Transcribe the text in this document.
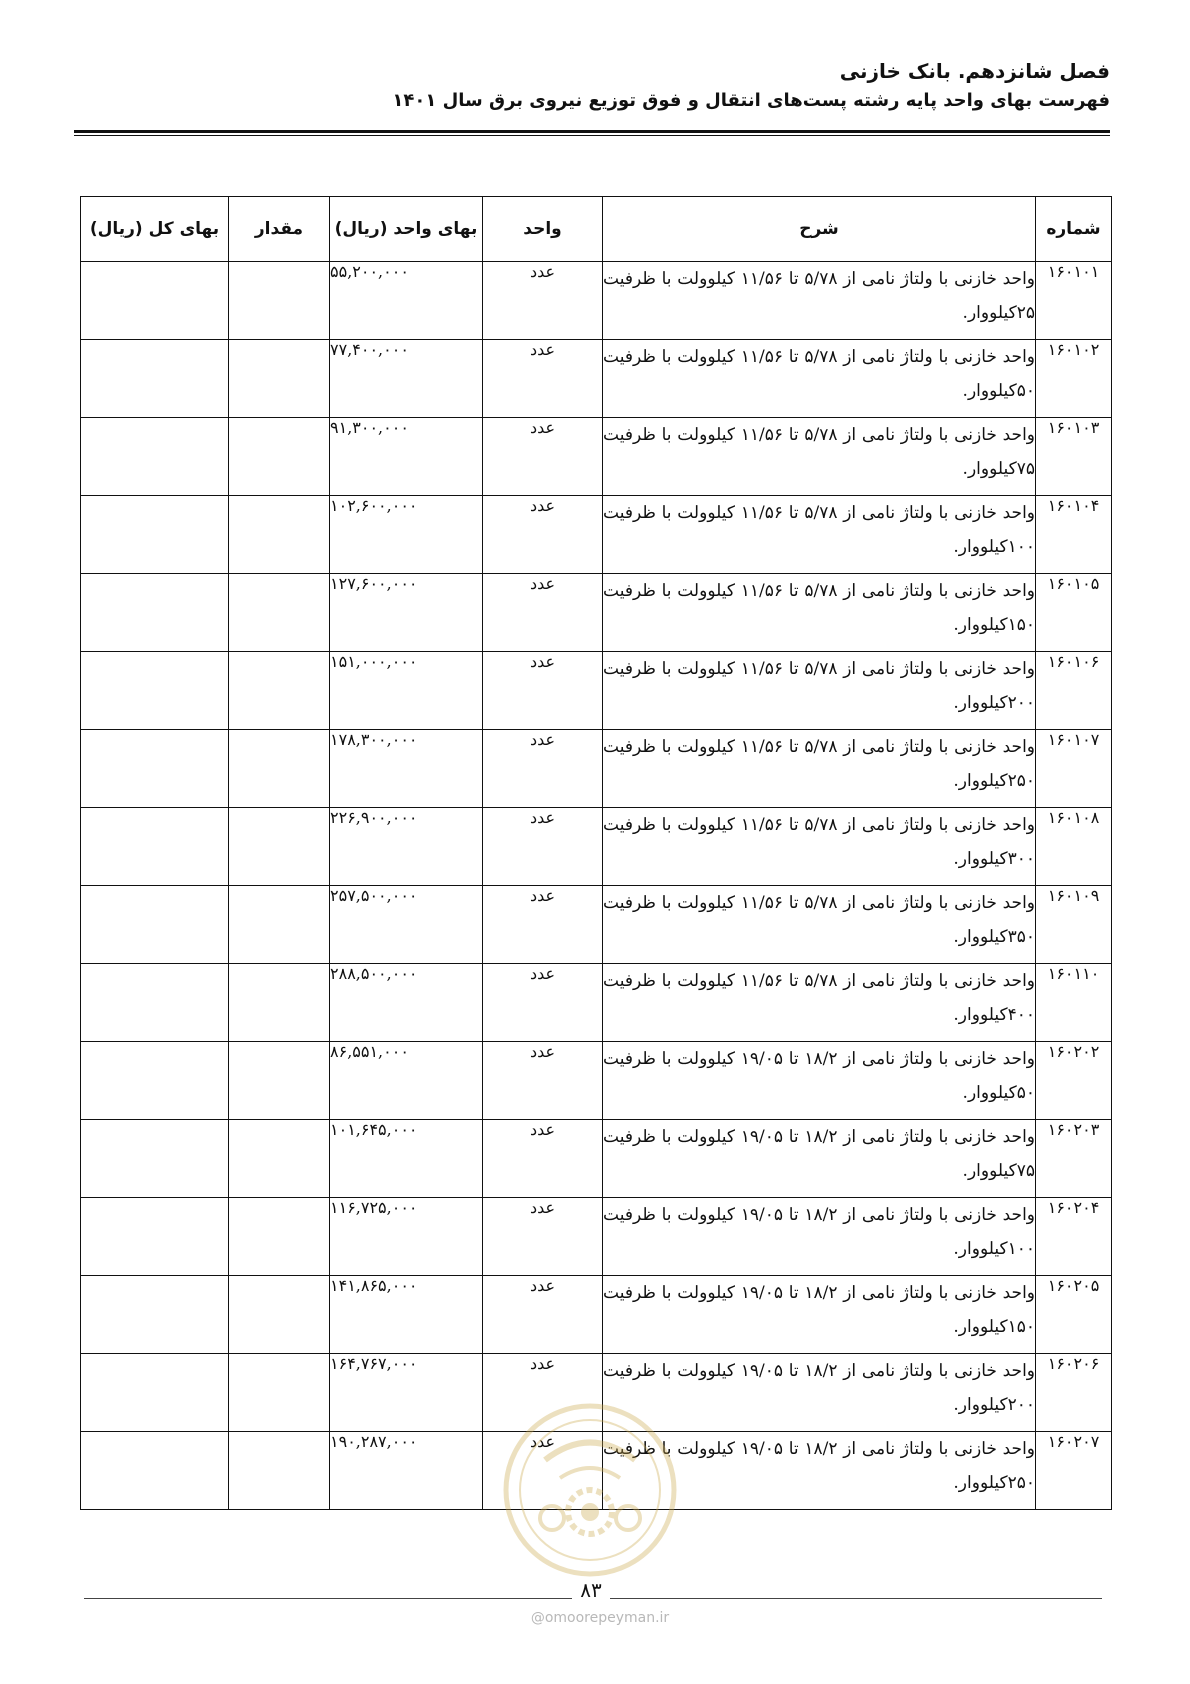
فصل شانزدهم. بانک خازنی
فهرست بهای واحد پایه رشته پست‌های انتقال و فوق توزیع نیروی برق سال ۱۴۰۱
شماره	شرح	واحد	بهای واحد (ریال)	مقدار	بهای کل (ریال)
۱۶۰۱۰۱	واحد خازنی با ولتاژ نامی از ۵/۷۸ تا ۱۱/۵۶ کیلوولت با ظرفیت ۲۵کیلووار.	عدد	۵۵,۲۰۰,۰۰۰		
۱۶۰۱۰۲	واحد خازنی با ولتاژ نامی از ۵/۷۸ تا ۱۱/۵۶ کیلوولت با ظرفیت ۵۰کیلووار.	عدد	۷۷,۴۰۰,۰۰۰		
۱۶۰۱۰۳	واحد خازنی با ولتاژ نامی از ۵/۷۸ تا ۱۱/۵۶ کیلوولت با ظرفیت ۷۵کیلووار.	عدد	۹۱,۳۰۰,۰۰۰		
۱۶۰۱۰۴	واحد خازنی با ولتاژ نامی از ۵/۷۸ تا ۱۱/۵۶ کیلوولت با ظرفیت ۱۰۰کیلووار.	عدد	۱۰۲,۶۰۰,۰۰۰		
۱۶۰۱۰۵	واحد خازنی با ولتاژ نامی از ۵/۷۸ تا ۱۱/۵۶ کیلوولت با ظرفیت ۱۵۰کیلووار.	عدد	۱۲۷,۶۰۰,۰۰۰		
۱۶۰۱۰۶	واحد خازنی با ولتاژ نامی از ۵/۷۸ تا ۱۱/۵۶ کیلوولت با ظرفیت ۲۰۰کیلووار.	عدد	۱۵۱,۰۰۰,۰۰۰		
۱۶۰۱۰۷	واحد خازنی با ولتاژ نامی از ۵/۷۸ تا ۱۱/۵۶ کیلوولت با ظرفیت ۲۵۰کیلووار.	عدد	۱۷۸,۳۰۰,۰۰۰		
۱۶۰۱۰۸	واحد خازنی با ولتاژ نامی از ۵/۷۸ تا ۱۱/۵۶ کیلوولت با ظرفیت ۳۰۰کیلووار.	عدد	۲۲۶,۹۰۰,۰۰۰		
۱۶۰۱۰۹	واحد خازنی با ولتاژ نامی از ۵/۷۸ تا ۱۱/۵۶ کیلوولت با ظرفیت ۳۵۰کیلووار.	عدد	۲۵۷,۵۰۰,۰۰۰		
۱۶۰۱۱۰	واحد خازنی با ولتاژ نامی از ۵/۷۸ تا ۱۱/۵۶ کیلوولت با ظرفیت ۴۰۰کیلووار.	عدد	۲۸۸,۵۰۰,۰۰۰		
۱۶۰۲۰۲	واحد خازنی با ولتاژ نامی از ۱۸/۲ تا ۱۹/۰۵ کیلوولت با ظرفیت ۵۰کیلووار.	عدد	۸۶,۵۵۱,۰۰۰		
۱۶۰۲۰۳	واحد خازنی با ولتاژ نامی از ۱۸/۲ تا ۱۹/۰۵ کیلوولت با ظرفیت ۷۵کیلووار.	عدد	۱۰۱,۶۴۵,۰۰۰		
۱۶۰۲۰۴	واحد خازنی با ولتاژ نامی از ۱۸/۲ تا ۱۹/۰۵ کیلوولت با ظرفیت ۱۰۰کیلووار.	عدد	۱۱۶,۷۲۵,۰۰۰		
۱۶۰۲۰۵	واحد خازنی با ولتاژ نامی از ۱۸/۲ تا ۱۹/۰۵ کیلوولت با ظرفیت ۱۵۰کیلووار.	عدد	۱۴۱,۸۶۵,۰۰۰		
۱۶۰۲۰۶	واحد خازنی با ولتاژ نامی از ۱۸/۲ تا ۱۹/۰۵ کیلوولت با ظرفیت ۲۰۰کیلووار.	عدد	۱۶۴,۷۶۷,۰۰۰		
۱۶۰۲۰۷	واحد خازنی با ولتاژ نامی از ۱۸/۲ تا ۱۹/۰۵ کیلوولت با ظرفیت ۲۵۰کیلووار.	عدد	۱۹۰,۲۸۷,۰۰۰		
۸۳
@omoorepeyman.ir
